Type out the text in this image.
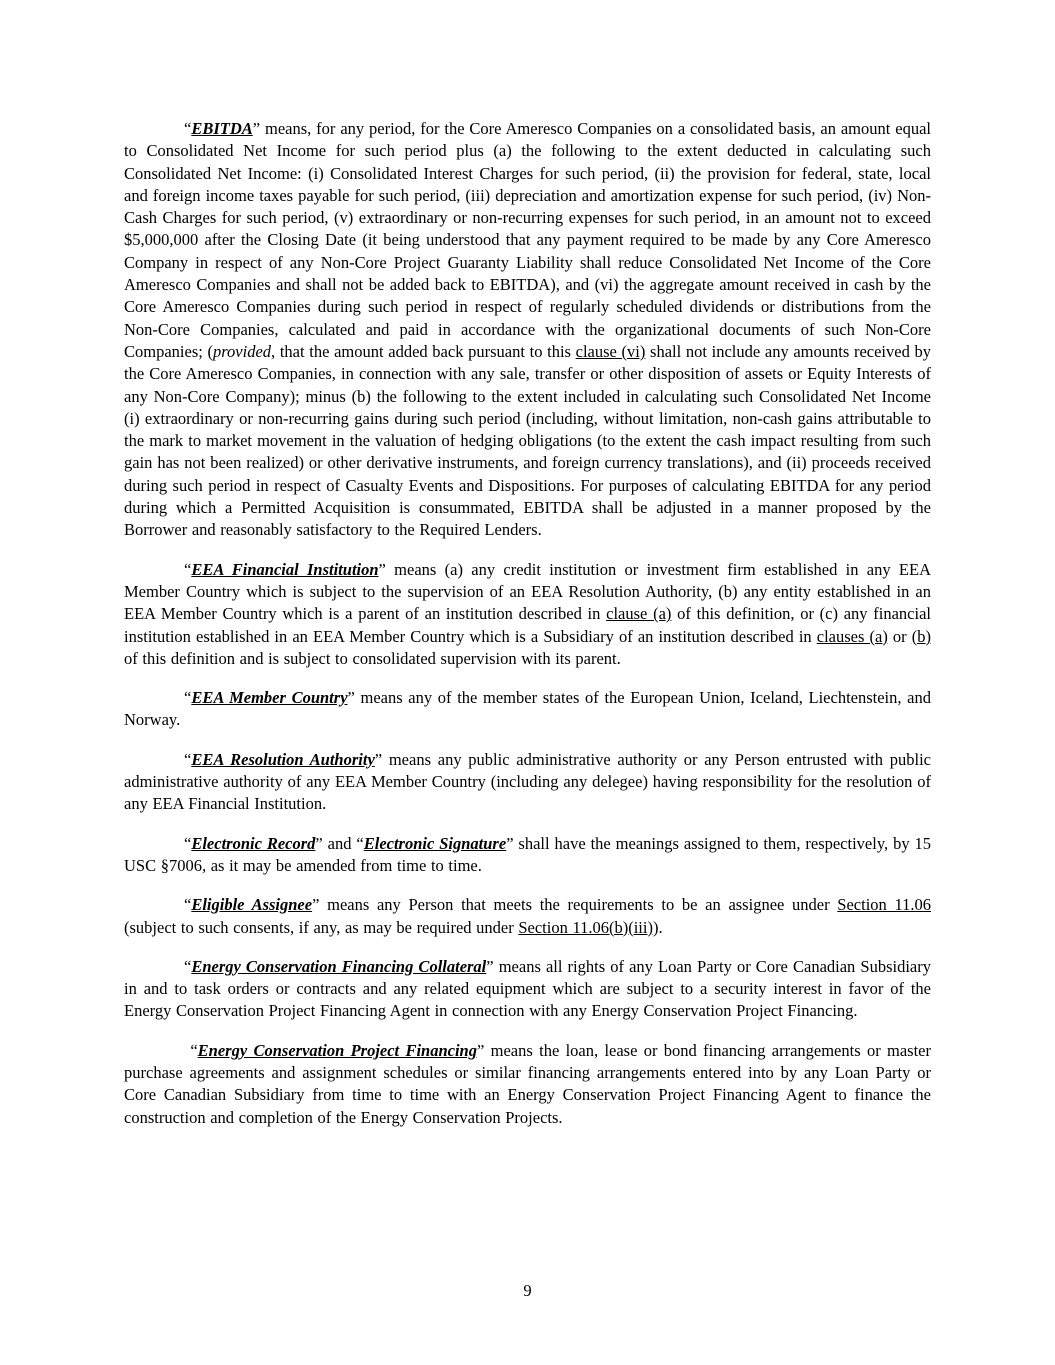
“EBITDA” means, for any period, for the Core Ameresco Companies on a consolidated basis, an amount equal to Consolidated Net Income for such period plus (a) the following to the extent deducted in calculating such Consolidated Net Income: (i) Consolidated Interest Charges for such period, (ii) the provision for federal, state, local and foreign income taxes payable for such period, (iii) depreciation and amortization expense for such period, (iv) Non-Cash Charges for such period, (v) extraordinary or non-recurring expenses for such period, in an amount not to exceed $5,000,000 after the Closing Date (it being understood that any payment required to be made by any Core Ameresco Company in respect of any Non-Core Project Guaranty Liability shall reduce Consolidated Net Income of the Core Ameresco Companies and shall not be added back to EBITDA), and (vi) the aggregate amount received in cash by the Core Ameresco Companies during such period in respect of regularly scheduled dividends or distributions from the Non-Core Companies, calculated and paid in accordance with the organizational documents of such Non-Core Companies; (provided, that the amount added back pursuant to this clause (vi) shall not include any amounts received by the Core Ameresco Companies, in connection with any sale, transfer or other disposition of assets or Equity Interests of any Non-Core Company); minus (b) the following to the extent included in calculating such Consolidated Net Income (i) extraordinary or non-recurring gains during such period (including, without limitation, non-cash gains attributable to the mark to market movement in the valuation of hedging obligations (to the extent the cash impact resulting from such gain has not been realized) or other derivative instruments, and foreign currency translations), and (ii) proceeds received during such period in respect of Casualty Events and Dispositions. For purposes of calculating EBITDA for any period during which a Permitted Acquisition is consummated, EBITDA shall be adjusted in a manner proposed by the Borrower and reasonably satisfactory to the Required Lenders.

“EEA Financial Institution” means (a) any credit institution or investment firm established in any EEA Member Country which is subject to the supervision of an EEA Resolution Authority, (b) any entity established in an EEA Member Country which is a parent of an institution described in clause (a) of this definition, or (c) any financial institution established in an EEA Member Country which is a Subsidiary of an institution described in clauses (a) or (b) of this definition and is subject to consolidated supervision with its parent.

“EEA Member Country” means any of the member states of the European Union, Iceland, Liechtenstein, and Norway.

“EEA Resolution Authority” means any public administrative authority or any Person entrusted with public administrative authority of any EEA Member Country (including any delegee) having responsibility for the resolution of any EEA Financial Institution.

“Electronic Record” and “Electronic Signature” shall have the meanings assigned to them, respectively, by 15 USC §7006, as it may be amended from time to time.

“Eligible Assignee” means any Person that meets the requirements to be an assignee under Section 11.06 (subject to such consents, if any, as may be required under Section 11.06(b)(iii)).

“Energy Conservation Financing Collateral” means all rights of any Loan Party or Core Canadian Subsidiary in and to task orders or contracts and any related equipment which are subject to a security interest in favor of the Energy Conservation Project Financing Agent in connection with any Energy Conservation Project Financing.

“Energy Conservation Project Financing” means the loan, lease or bond financing arrangements or master purchase agreements and assignment schedules or similar financing arrangements entered into by any Loan Party or Core Canadian Subsidiary from time to time with an Energy Conservation Project Financing Agent to finance the construction and completion of the Energy Conservation Projects.

9
